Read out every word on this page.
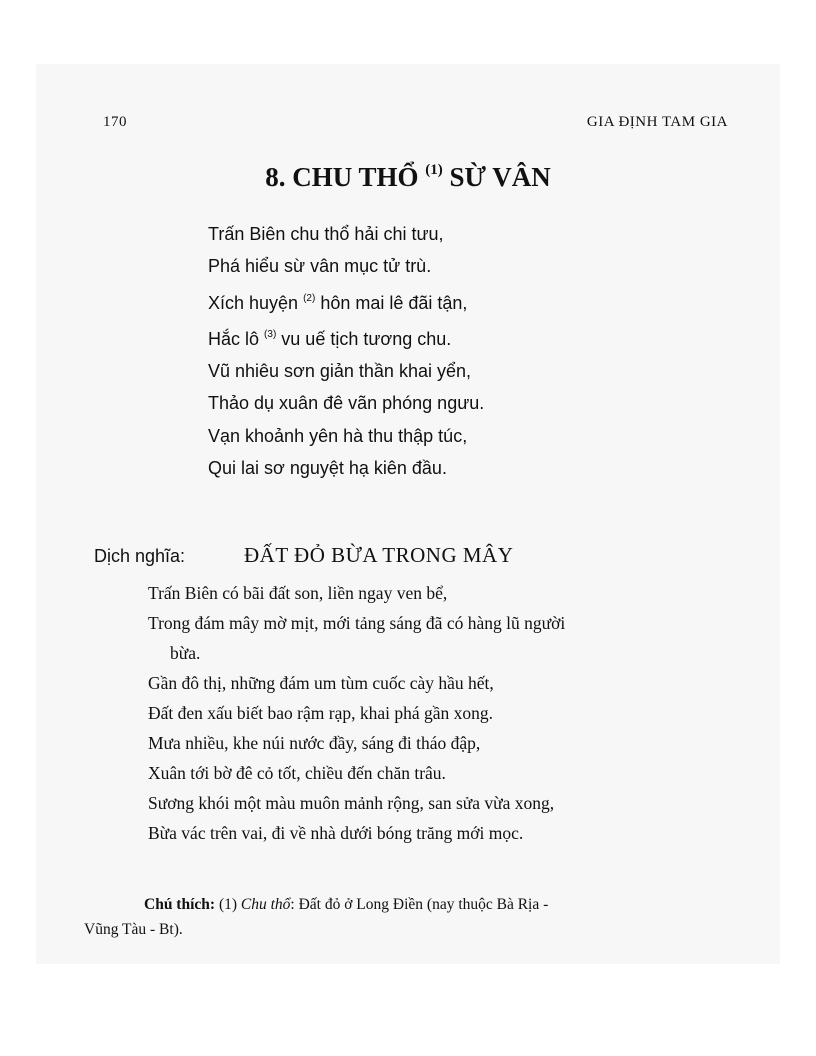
170	GIA ĐỊNH TAM GIA
8. CHU THỔ $^{(1)}$ SỪ VÂN
Trấn Biên chu thổ hải chi tưu,
Phá hiểu sừ vân mục tử trù.
Xích huyện $^{(2)}$ hôn mai lê đãi tận,
Hắc lô $^{(3)}$ vu uế tịch tương chu.
Vũ nhiêu sơn giản thần khai yển,
Thảo dụ xuân đê vãn phóng ngưu.
Vạn khoảnh yên hà thu thập túc,
Qui lai sơ nguyệt hạ kiên đầu.
Dịch nghĩa:	ĐẤT ĐỎ BỪA TRONG MÂY
Trấn Biên có bãi đất son, liền ngay ven bể,
Trong đám mây mờ mịt, mới tảng sáng đã có hàng lũ người
bừa.
Gần đô thị, những đám um tùm cuốc cày hầu hết,
Đất đen xấu biết bao rậm rạp, khai phá gần xong.
Mưa nhiều, khe núi nước đầy, sáng đi tháo đập,
Xuân tới bờ đê cỏ tốt, chiều đến chăn trâu.
Sương khói một màu muôn mảnh rộng, san sửa vừa xong,
Bừa vác trên vai, đi về nhà dưới bóng trăng mới mọc.
Chú thích: (1) Chu thổ: Đất đỏ ở Long Điền (nay thuộc Bà Rịa -
Vũng Tàu - Bt).
